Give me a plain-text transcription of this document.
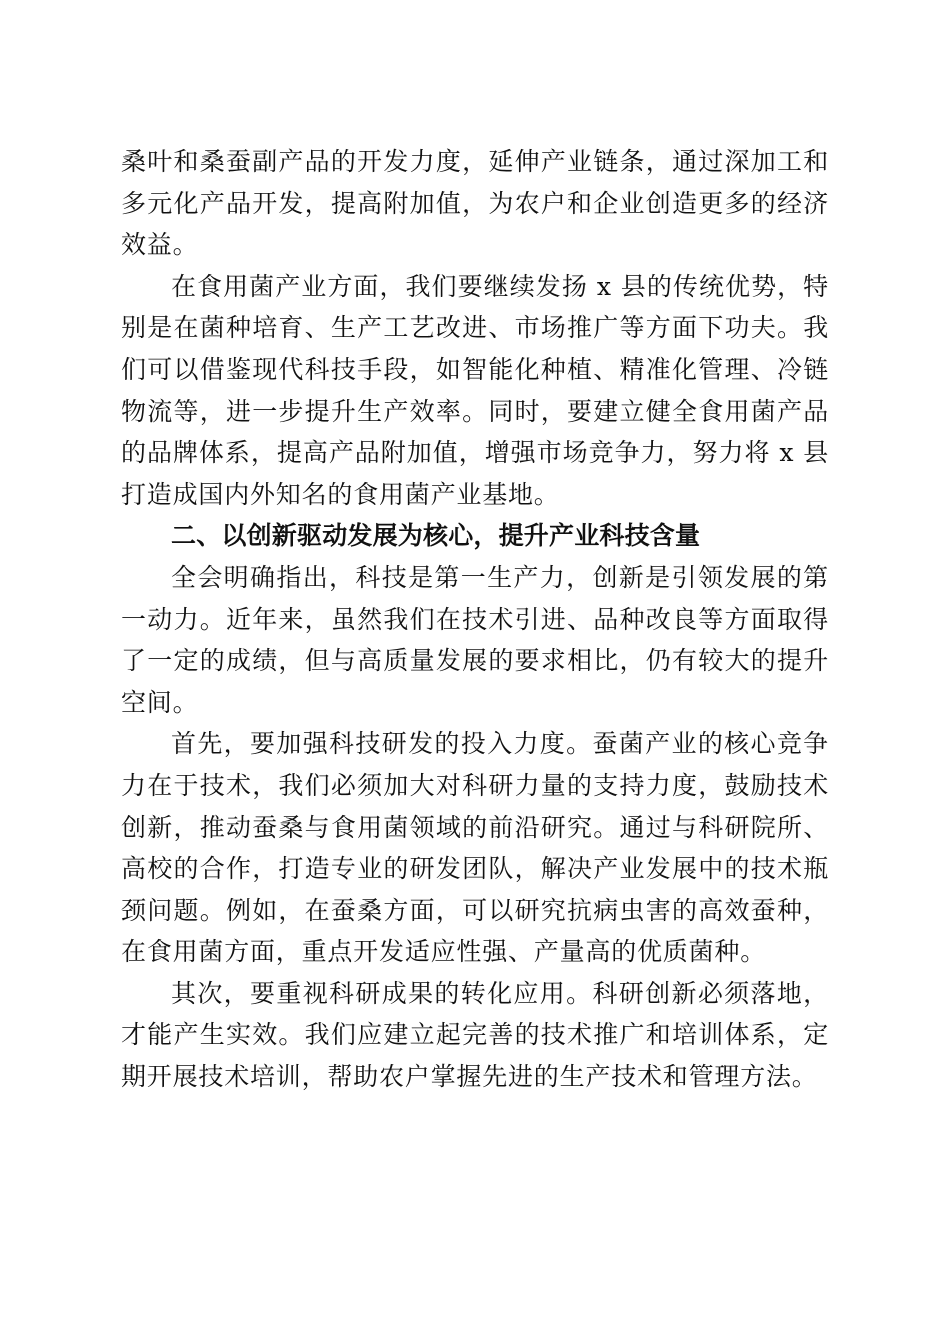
桑叶和桑蚕副产品的开发力度，延伸产业链条，通过深加工和多元化产品开发，提高附加值，为农户和企业创造更多的经济效益。

在食用菌产业方面，我们要继续发扬 x 县的传统优势，特别是在菌种培育、生产工艺改进、市场推广等方面下功夫。我们可以借鉴现代科技手段，如智能化种植、精准化管理、冷链物流等，进一步提升生产效率。同时，要建立健全食用菌产品的品牌体系，提高产品附加值，增强市场竞争力，努力将 x 县打造成国内外知名的食用菌产业基地。

二、以创新驱动发展为核心，提升产业科技含量

全会明确指出，科技是第一生产力，创新是引领发展的第一动力。近年来，虽然我们在技术引进、品种改良等方面取得了一定的成绩，但与高质量发展的要求相比，仍有较大的提升空间。

首先，要加强科技研发的投入力度。蚕菌产业的核心竞争力在于技术，我们必须加大对科研力量的支持力度，鼓励技术创新，推动蚕桑与食用菌领域的前沿研究。通过与科研院所、高校的合作，打造专业的研发团队，解决产业发展中的技术瓶颈问题。例如，在蚕桑方面，可以研究抗病虫害的高效蚕种，在食用菌方面，重点开发适应性强、产量高的优质菌种。

其次，要重视科研成果的转化应用。科研创新必须落地，才能产生实效。我们应建立起完善的技术推广和培训体系，定期开展技术培训，帮助农户掌握先进的生产技术和管理方法。
